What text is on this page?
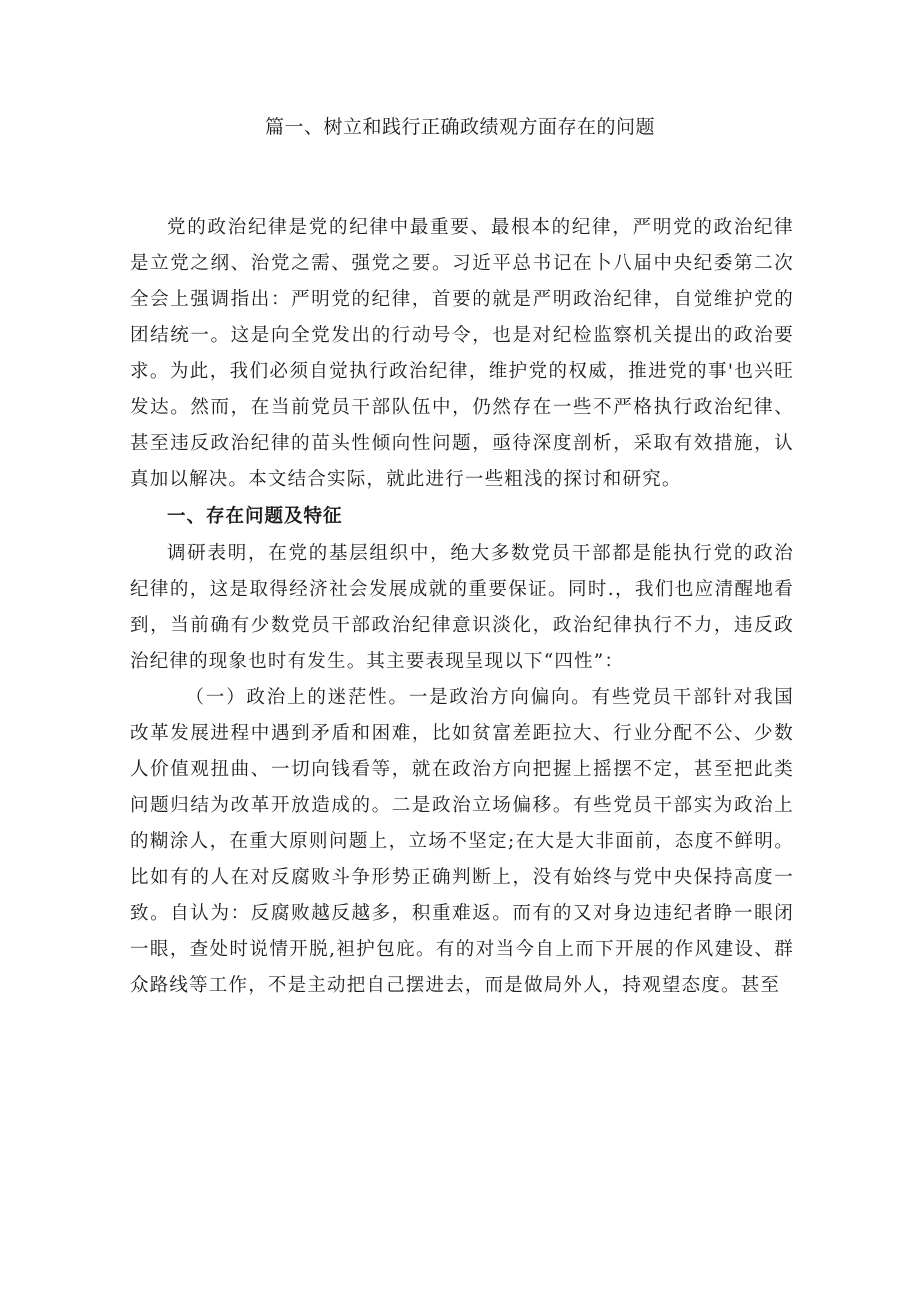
篇一、树立和践行正确政绩观方面存在的问题

党的政治纪律是党的纪律中最重要、最根本的纪律，严明党的政治纪律是立党之纲、治党之需、强党之要。习近平总书记在卜八届中央纪委第二次全会上强调指出：严明党的纪律，首要的就是严明政治纪律，自觉维护党的团结统一。这是向全党发出的行动号令，也是对纪检监察机关提出的政治要求。为此，我们必须自觉执行政治纪律，维护党的权威，推进党的事'也兴旺发达。然而，在当前党员干部队伍中，仍然存在一些不严格执行政治纪律、甚至违反政治纪律的苗头性倾向性问题，亟待深度剖析，采取有效措施，认真加以解决。本文结合实际，就此进行一些粗浅的探讨和研究。

一、存在问题及特征

调研表明，在党的基层组织中，绝大多数党员干部都是能执行党的政治纪律的，这是取得经济社会发展成就的重要保证。同时.，我们也应清醒地看到，当前确有少数党员干部政治纪律意识淡化，政治纪律执行不力，违反政治纪律的现象也时有发生。其主要表现呈现以下“四性”：

（一）政治上的迷茫性。一是政治方向偏向。有些党员干部针对我国改革发展进程中遇到矛盾和困难，比如贫富差距拉大、行业分配不公、少数人价值观扭曲、一切向钱看等，就在政治方向把握上摇摆不定，甚至把此类问题归结为改革开放造成的。二是政治立场偏移。有些党员干部实为政治上的糊涂人，在重大原则问题上，立场不坚定;在大是大非面前，态度不鲜明。比如有的人在对反腐败斗争形势正确判断上，没有始终与党中央保持高度一致。自认为：反腐败越反越多，积重难返。而有的又对身边违纪者睁一眼闭一眼，查处时说情开脱,袒护包庇。有的对当今自上而下开展的作风建设、群众路线等工作，不是主动把自己摆进去，而是做局外人，持观望态度。甚至
